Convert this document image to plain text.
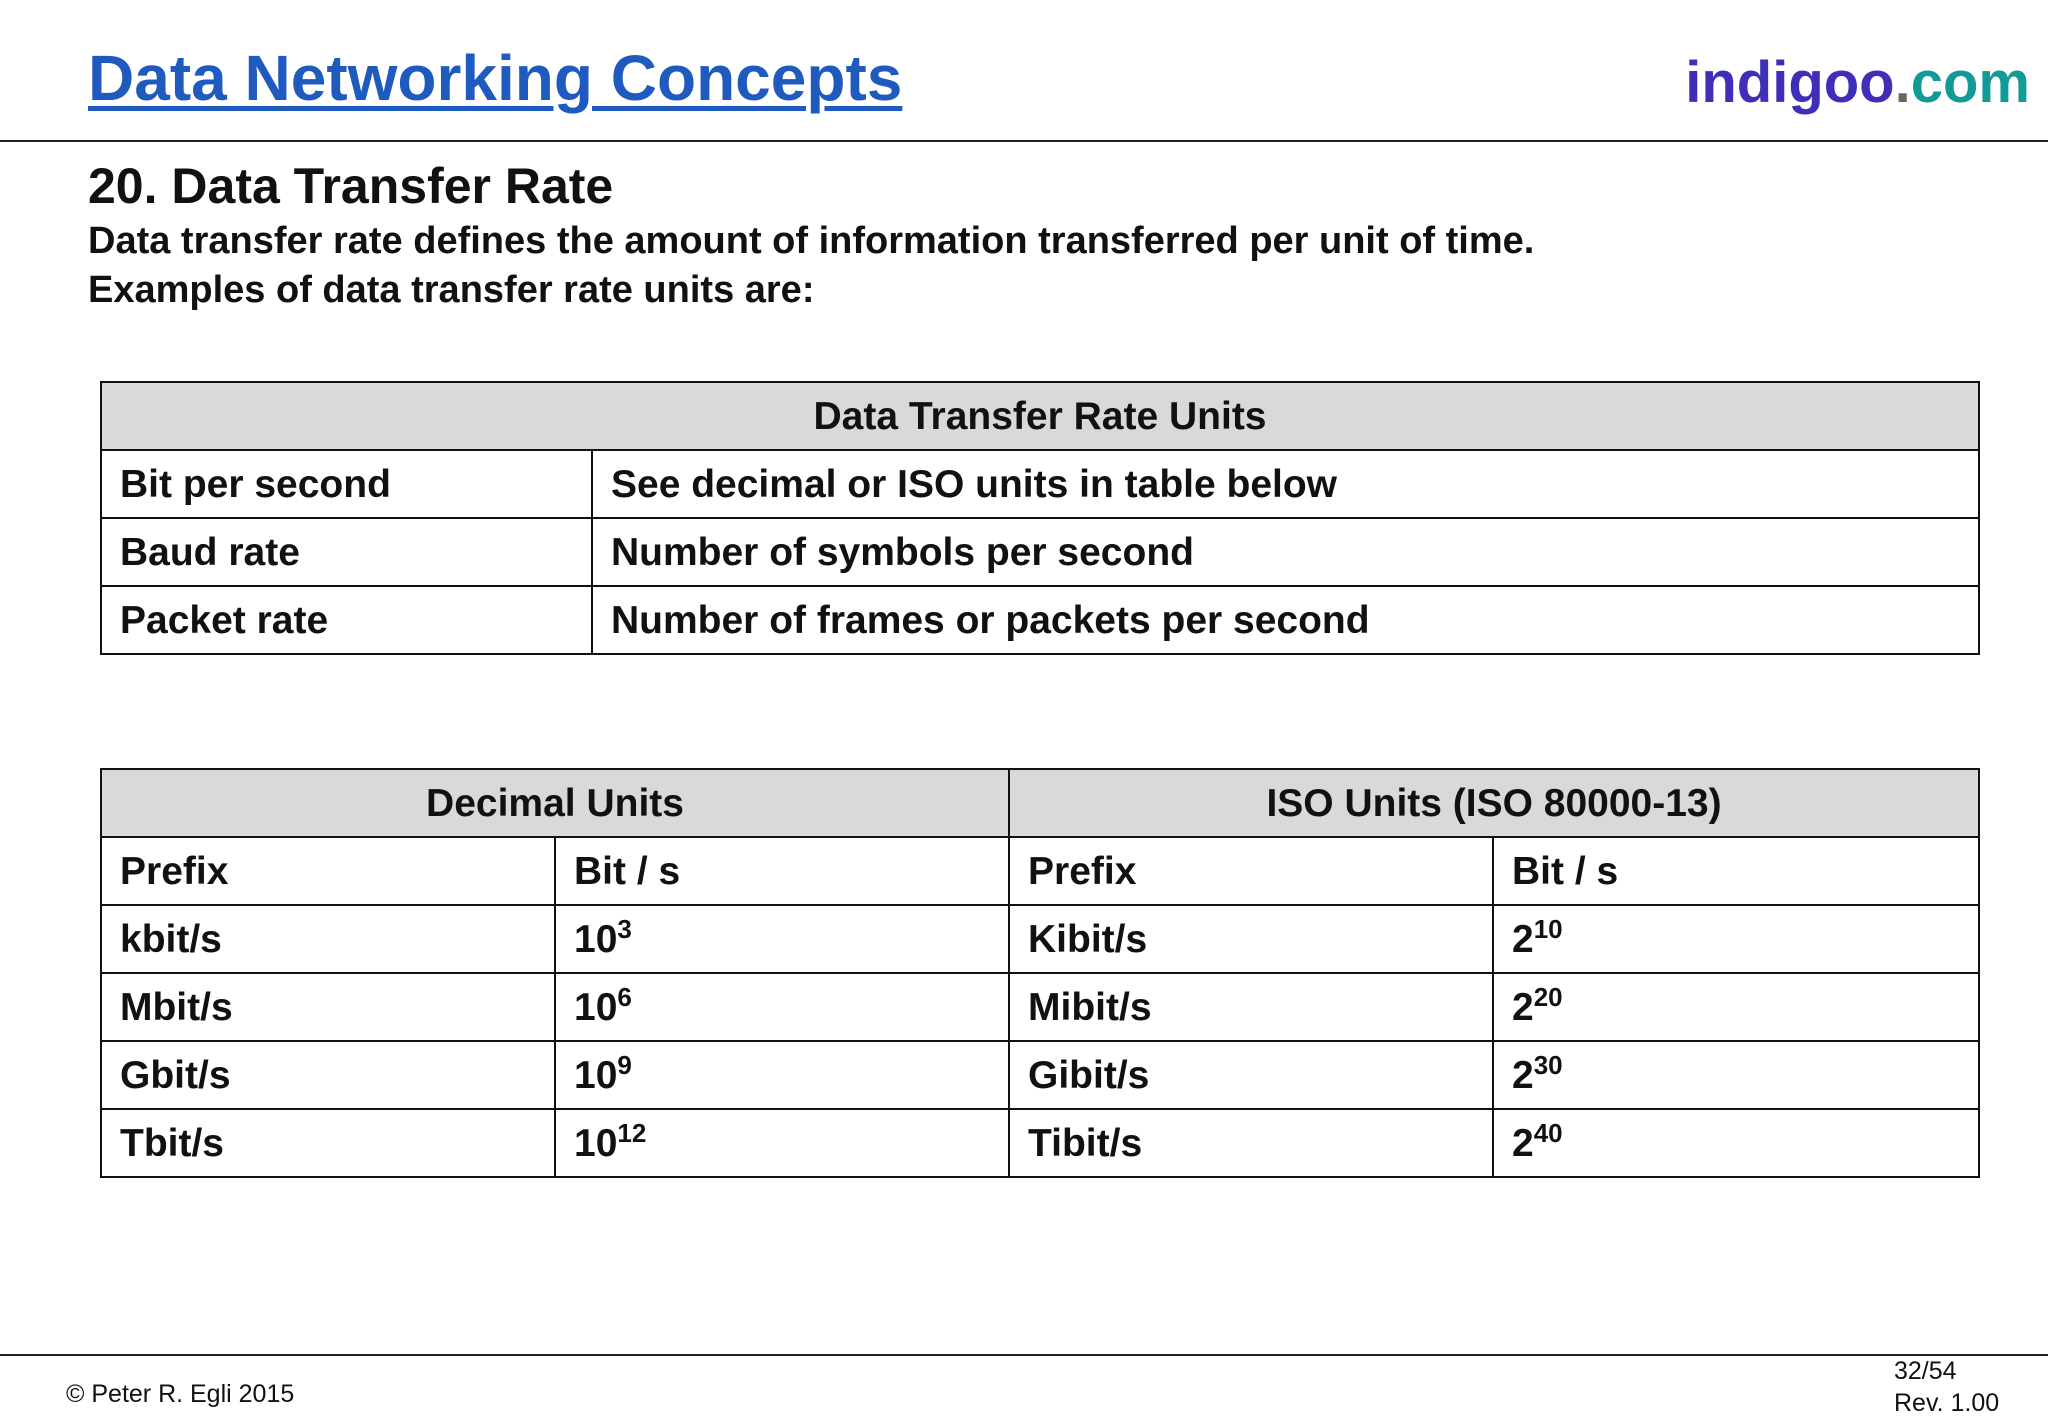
Data Networking Concepts	indigoo.com
20. Data Transfer Rate
Data transfer rate defines the amount of information transferred per unit of time.
Examples of data transfer rate units are:
Data Transfer Rate Units	
Bit per second	See decimal or ISO units in table below
Baud rate	Number of symbols per second
Packet rate	Number of frames or packets per second
Decimal Units		ISO Units (ISO 80000-13)	
Prefix	Bit / s	Prefix	Bit / s
kbit/s	$10^3$	Kibit/s	$2^{10}$
Mbit/s	$10^6$	Mibit/s	$2^{20}$
Gbit/s	$10^9$	Gibit/s	$2^{30}$
Tbit/s	$10^{12}$	Tibit/s	$2^{40}$
© Peter R. Egli 2015
32/54
Rev. 1.00
